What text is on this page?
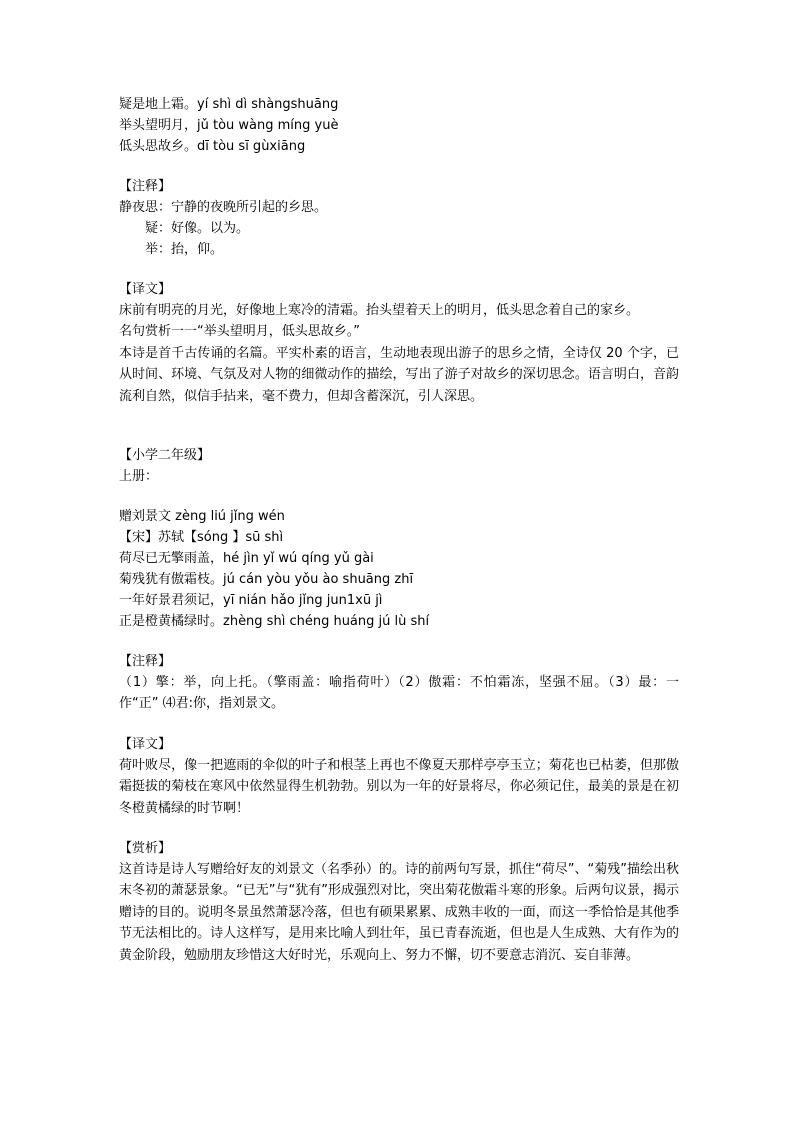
疑是地上霜。yí shì dì shàngshuāng
举头望明月，jǔ tòu wàng míng yuè
低头思故乡。dī tòu sī gùxiāng
【注释】
静夜思：宁静的夜晚所引起的乡思。
疑：好像。以为。
举：抬，仰。
【译文】

床前有明亮的月光，好像地上寒冷的清霜。抬头望着天上的明月，低头思念着自己的家乡。

名句赏析一一“举头望明月，低头思故乡。”

本诗是首千古传诵的名篇。平实朴素的语言，生动地表现出游子的思乡之情，全诗仅 20 个字，已从时间、环境、气氛及对人物的细微动作的描绘，写出了游子对故乡的深切思念。语言明白，音韵流利自然，似信手拈来，毫不费力，但却含蓄深沉，引人深思。

【小学二年级】
上册：
赠刘景文 zèng liú jǐng wén
【宋】苏轼【sóng 】sū shì
荷尽已无擎雨盖，hé jìn yǐ wú qíng yǔ gài
菊残犹有傲霜枝。jú cán yòu yǒu ào shuāng zhī
一年好景君须记，yī nián hǎo jǐng jun1xū jì
正是橙黄橘绿时。zhèng shì chéng huáng jú lù shí
【注释】

（1）擎：举，向上托。（擎雨盖：喻指荷叶）（2）傲霜：不怕霜冻，坚强不屈。（3）最：一作“正” ⑷君:你，指刘景文。

【译文】

荷叶败尽，像一把遮雨的伞似的叶子和根茎上再也不像夏天那样亭亭玉立；菊花也已枯萎，但那傲霜挺拔的菊枝在寒风中依然显得生机勃勃。别以为一年的好景将尽，你必须记住，最美的景是在初冬橙黄橘绿的时节啊！

【赏析】

这首诗是诗人写赠给好友的刘景文（名季孙）的。诗的前两句写景，抓住“荷尽”、“菊残”描绘出秋末冬初的萧瑟景象。“已无”与“犹有”形成强烈对比，突出菊花傲霜斗寒的形象。后两句议景，揭示赠诗的目的。说明冬景虽然萧瑟冷落，但也有硕果累累、成熟丰收的一面，而这一季恰恰是其他季节无法相比的。诗人这样写，是用来比喻人到壮年，虽已青春流逝，但也是人生成熟、大有作为的黄金阶段，勉励朋友珍惜这大好时光，乐观向上、努力不懈，切不要意志消沉、妄自菲薄。
